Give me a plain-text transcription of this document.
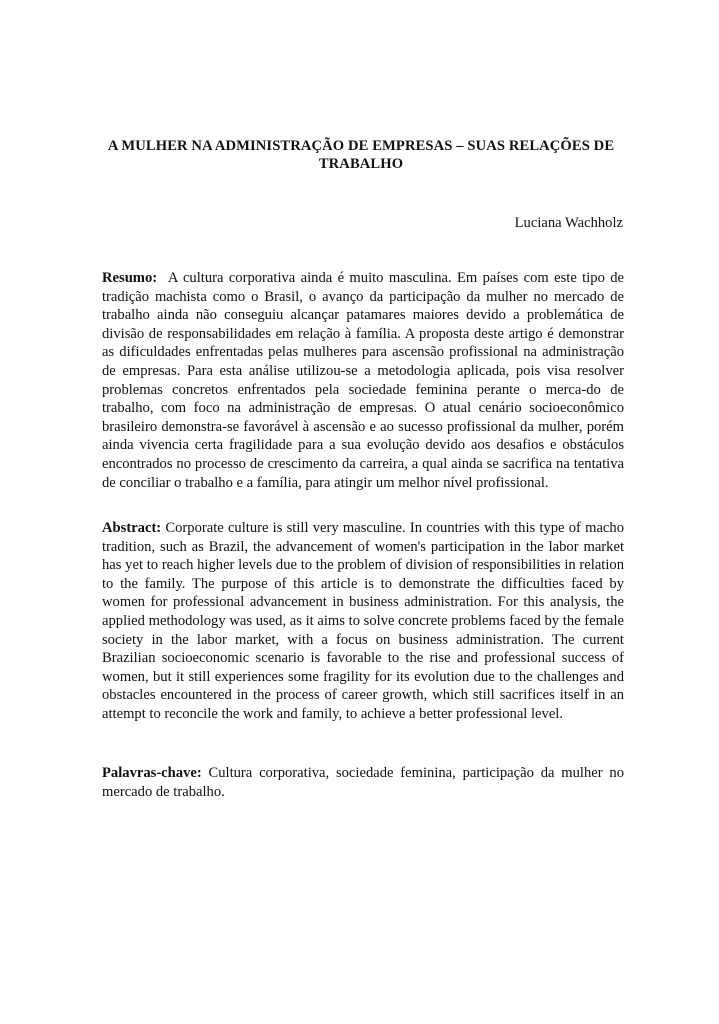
A MULHER NA ADMINISTRAÇÃO DE EMPRESAS – SUAS RELAÇÕES DE TRABALHO
Luciana Wachholz
Resumo: A cultura corporativa ainda é muito masculina. Em países com este tipo de tradição machista como o Brasil, o avanço da participação da mulher no mercado de trabalho ainda não conseguiu alcançar patamares maiores devido a problemática de divisão de responsabilidades em relação à família. A proposta deste artigo é demonstrar as dificuldades enfrentadas pelas mulheres para ascensão profissional na administração de empresas. Para esta análise utilizou-se a metodologia aplicada, pois visa resolver problemas concretos enfrentados pela sociedade feminina perante o merca-do de trabalho, com foco na administração de empresas. O atual cenário socioeconômico brasileiro demonstra-se favorável à ascensão e ao sucesso profissional da mulher, porém ainda vivencia certa fragilidade para a sua evolução devido aos desafios e obstáculos encontrados no processo de crescimento da carreira, a qual ainda se sacrifica na tentativa de conciliar o trabalho e a família, para atingir um melhor nível profissional.
Abstract: Corporate culture is still very masculine. In countries with this type of macho tradition, such as Brazil, the advancement of women's participation in the labor market has yet to reach higher levels due to the problem of division of responsibilities in relation to the family. The purpose of this article is to demonstrate the difficulties faced by women for professional advancement in business administration. For this analysis, the applied methodology was used, as it aims to solve concrete problems faced by the female society in the labor market, with a focus on business administration. The current Brazilian socioeconomic scenario is favorable to the rise and professional success of women, but it still experiences some fragility for its evolution due to the challenges and obstacles encountered in the process of career growth, which still sacrifices itself in an attempt to reconcile the work and family, to achieve a better professional level.
Palavras-chave: Cultura corporativa, sociedade feminina, participação da mulher no mercado de trabalho.
